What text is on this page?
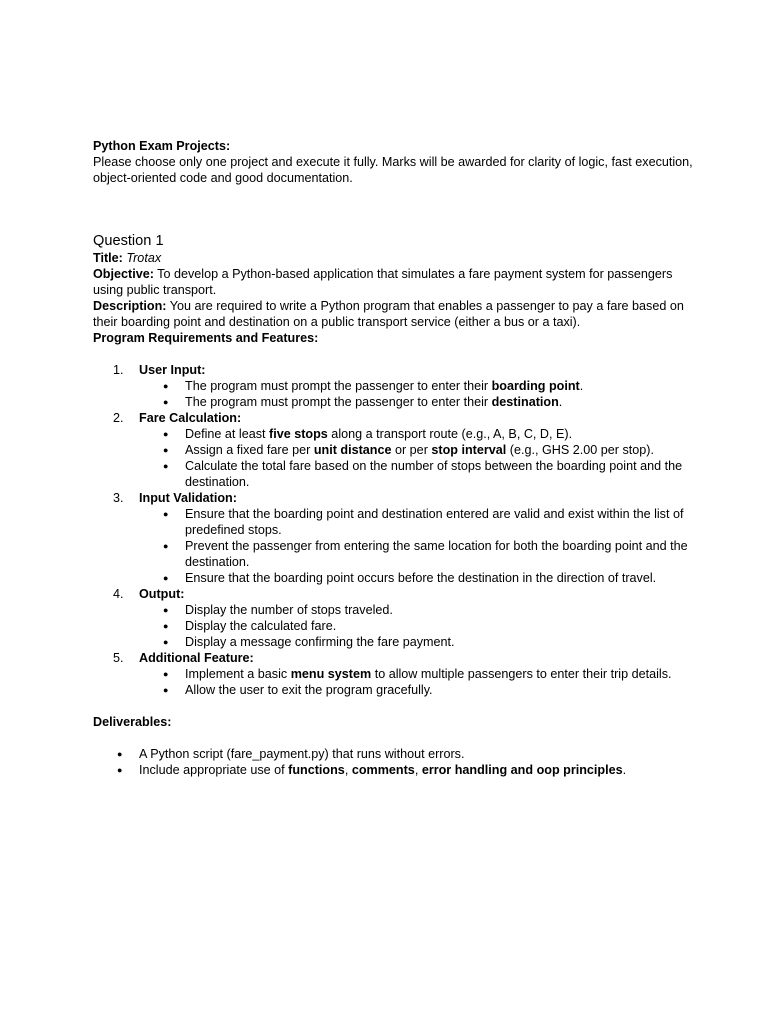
Python Exam Projects:

Please choose only one project and execute it fully. Marks will be awarded for clarity of logic, fast execution, object-oriented code and good documentation.

Question 1

Title: Trotax

Objective: To develop a Python-based application that simulates a fare payment system for passengers using public transport.

Description: You are required to write a Python program that enables a passenger to pay a fare based on their boarding point and destination on a public transport service (either a bus or a taxi).

Program Requirements and Features:

1. User Input:
● The program must prompt the passenger to enter their boarding point.
● The program must prompt the passenger to enter their destination.
2. Fare Calculation:
● Define at least five stops along a transport route (e.g., A, B, C, D, E).
● Assign a fixed fare per unit distance or per stop interval (e.g., GHS 2.00 per stop).
● Calculate the total fare based on the number of stops between the boarding point and the destination.
3. Input Validation:
● Ensure that the boarding point and destination entered are valid and exist within the list of predefined stops.
● Prevent the passenger from entering the same location for both the boarding point and the destination.
● Ensure that the boarding point occurs before the destination in the direction of travel.
4. Output:
● Display the number of stops traveled.
● Display the calculated fare.
● Display a message confirming the fare payment.
5. Additional Feature:
● Implement a basic menu system to allow multiple passengers to enter their trip details.
● Allow the user to exit the program gracefully.

Deliverables:

● A Python script (fare_payment.py) that runs without errors.
● Include appropriate use of functions, comments, error handling and oop principles.
